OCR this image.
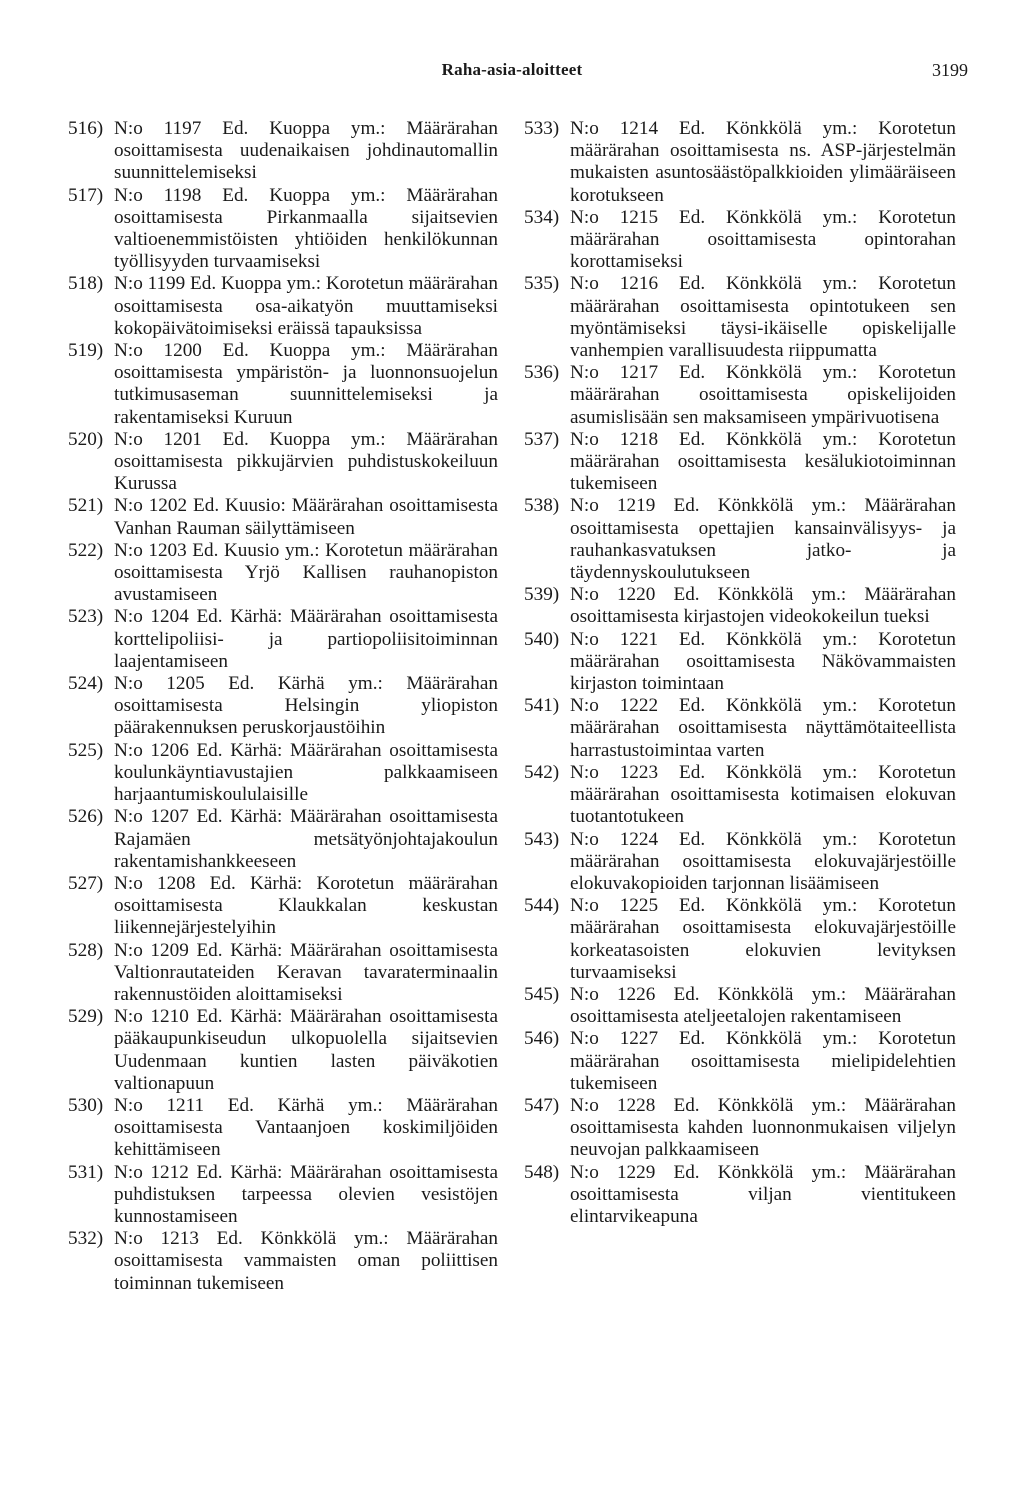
Raha-asia-aloitteet	3199
516) N:o 1197 Ed. Kuoppa ym.: Määrärahan osoittamisesta uudenaikaisen johdinautomallin suunnittelemiseksi
517) N:o 1198 Ed. Kuoppa ym.: Määrärahan osoittamisesta Pirkanmaalla sijaitsevien valtioenemmistöisten yhtiöiden henkilökunnan työllisyyden turvaamiseksi
518) N:o 1199 Ed. Kuoppa ym.: Korotetun määrärahan osoittamisesta osa-aikatyön muuttamiseksi kokopäivätoimiseksi eräissä tapauksissa
519) N:o 1200 Ed. Kuoppa ym.: Määrärahan osoittamisesta ympäristön- ja luonnonsuojelun tutkimusaseman suunnittelemiseksi ja rakentamiseksi Kuruun
520) N:o 1201 Ed. Kuoppa ym.: Määrärahan osoittamisesta pikkujärvien puhdistuskokeiluun Kurussa
521) N:o 1202 Ed. Kuusio: Määrärahan osoittamisesta Vanhan Rauman säilyttämiseen
522) N:o 1203 Ed. Kuusio ym.: Korotetun määrärahan osoittamisesta Yrjö Kallisen rauhanopiston avustamiseen
523) N:o 1204 Ed. Kärhä: Määrärahan osoittamisesta korttelipoliisi- ja partiopoliisitoiminnan laajentamiseen
524) N:o 1205 Ed. Kärhä ym.: Määrärahan osoittamisesta Helsingin yliopiston päärakennuksen peruskorjaustöihin
525) N:o 1206 Ed. Kärhä: Määrärahan osoittamisesta koulunkäyntiavustajien palkkaamiseen harjaantumiskoululaisille
526) N:o 1207 Ed. Kärhä: Määrärahan osoittamisesta Rajamäen metsätyönjohtajakoulun rakentamishankkeeseen
527) N:o 1208 Ed. Kärhä: Korotetun määrärahan osoittamisesta Klaukkalan keskustan liikennejärjestelyihin
528) N:o 1209 Ed. Kärhä: Määrärahan osoittamisesta Valtionrautateiden Keravan tavaraterminaalin rakennustöiden aloittamiseksi
529) N:o 1210 Ed. Kärhä: Määrärahan osoittamisesta pääkaupunkiseudun ulkopuolella sijaitsevien Uudenmaan kuntien lasten päiväkotien valtionapuun
530) N:o 1211 Ed. Kärhä ym.: Määrärahan osoittamisesta Vantaanjoen koskimiljöiden kehittämiseen
531) N:o 1212 Ed. Kärhä: Määrärahan osoittamisesta puhdistuksen tarpeessa olevien vesistöjen kunnostamiseen
532) N:o 1213 Ed. Könkkölä ym.: Määrärahan osoittamisesta vammaisten oman poliittisen toiminnan tukemiseen
533) N:o 1214 Ed. Könkkölä ym.: Korotetun määrärahan osoittamisesta ns. ASP-järjestelmän mukaisten asuntosäästöpalkkioiden ylimääräiseen korotukseen
534) N:o 1215 Ed. Könkkölä ym.: Korotetun määrärahan osoittamisesta opintorahan korottamiseksi
535) N:o 1216 Ed. Könkkölä ym.: Korotetun määrärahan osoittamisesta opintotukeen sen myöntämiseksi täysi-ikäiselle opiskelijalle vanhempien varallisuudesta riippumatta
536) N:o 1217 Ed. Könkkölä ym.: Korotetun määrärahan osoittamisesta opiskelijoiden asumislisään sen maksamiseen ympärivuotisena
537) N:o 1218 Ed. Könkkölä ym.: Korotetun määrärahan osoittamisesta kesälukiotoiminnan tukemiseen
538) N:o 1219 Ed. Könkkölä ym.: Määrärahan osoittamisesta opettajien kansainvälisyys- ja rauhankasvatuksen jatko- ja täydennyskoulutukseen
539) N:o 1220 Ed. Könkkölä ym.: Määrärahan osoittamisesta kirjastojen videokokeilun tueksi
540) N:o 1221 Ed. Könkkölä ym.: Korotetun määrärahan osoittamisesta Näkövammaisten kirjaston toimintaan
541) N:o 1222 Ed. Könkkölä ym.: Korotetun määrärahan osoittamisesta näyttämötaiteellista harrastustoimintaa varten
542) N:o 1223 Ed. Könkkölä ym.: Korotetun määrärahan osoittamisesta kotimaisen elokuvan tuotantotukeen
543) N:o 1224 Ed. Könkkölä ym.: Korotetun määrärahan osoittamisesta elokuvajärjestöille elokuvakopioiden tarjonnan lisäämiseen
544) N:o 1225 Ed. Könkkölä ym.: Korotetun määrärahan osoittamisesta elokuvajärjestöille korkeatasoisten elokuvien levityksen turvaamiseksi
545) N:o 1226 Ed. Könkkölä ym.: Määrärahan osoittamisesta ateljeetalojen rakentamiseen
546) N:o 1227 Ed. Könkkölä ym.: Korotetun määrärahan osoittamisesta mielipidelehtien tukemiseen
547) N:o 1228 Ed. Könkkölä ym.: Määrärahan osoittamisesta kahden luonnonmukaisen viljelyn neuvojan palkkaamiseen
548) N:o 1229 Ed. Könkkölä ym.: Määrärahan osoittamisesta viljan vientitukeen elintarvikeapuna
